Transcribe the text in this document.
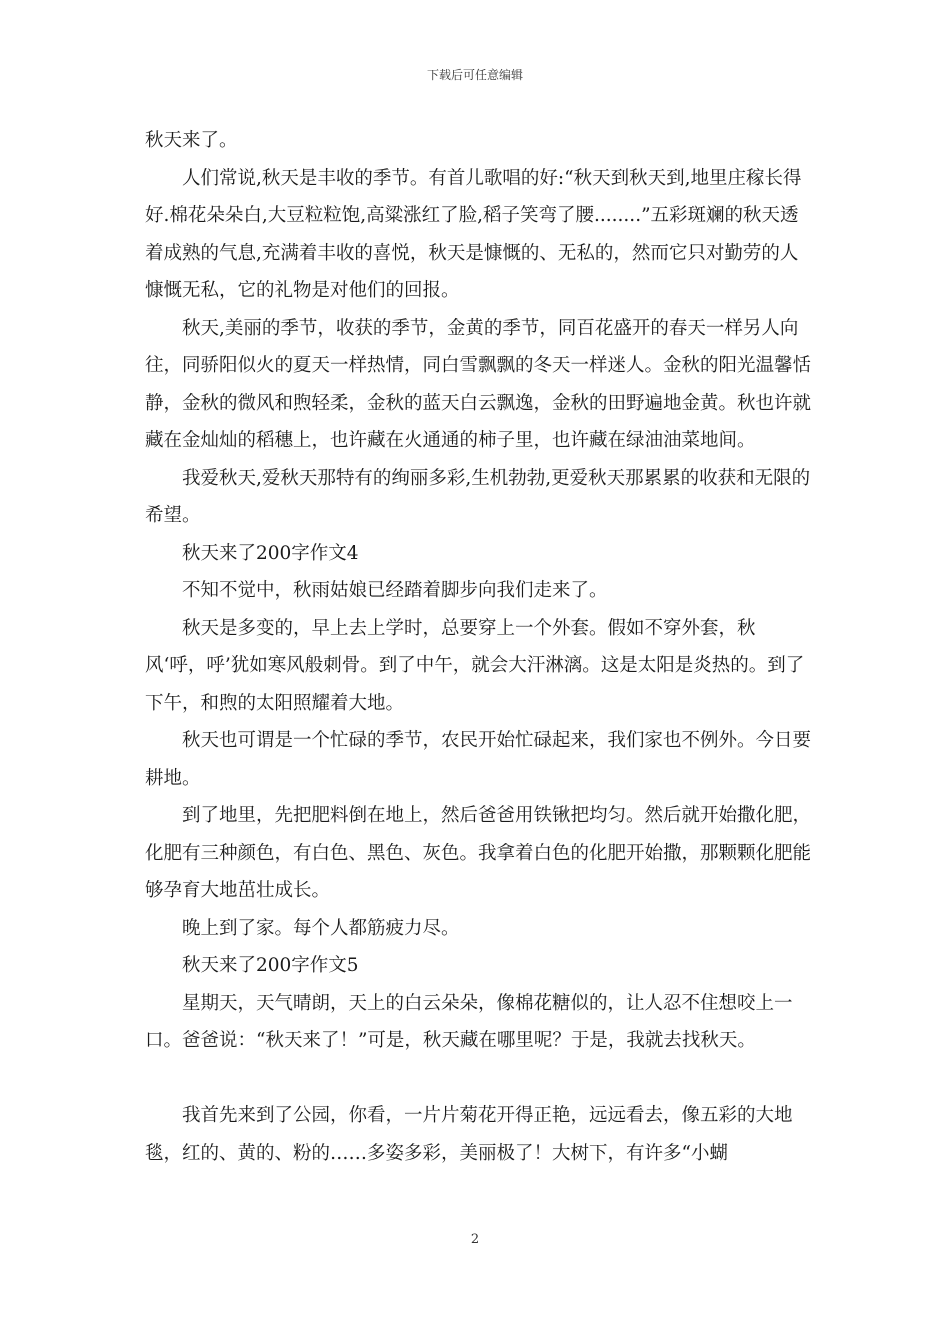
下载后可任意编辑

秋天来了。

人们常说,秋天是丰收的季节。有首儿歌唱的好:“秋天到秋天到,地里庄稼长得好.棉花朵朵白,大豆粒粒饱,高粱涨红了脸,稻子笑弯了腰........”五彩斑斓的秋天透着成熟的气息,充满着丰收的喜悦，秋天是慷慨的、无私的，然而它只对勤劳的人慷慨无私，它的礼物是对他们的回报。

秋天,美丽的季节，收获的季节，金黄的季节，同百花盛开的春天一样另人向往，同骄阳似火的夏天一样热情，同白雪飘飘的冬天一样迷人。金秋的阳光温馨恬静，金秋的微风和煦轻柔，金秋的蓝天白云飘逸，金秋的田野遍地金黄。秋也许就藏在金灿灿的稻穗上，也许藏在火通通的柿子里，也许藏在绿油油菜地间。

我爱秋天,爱秋天那特有的绚丽多彩,生机勃勃,更爱秋天那累累的收获和无限的希望。

秋天来了200字作文4

不知不觉中，秋雨姑娘已经踏着脚步向我们走来了。

秋天是多变的，早上去上学时，总要穿上一个外套。假如不穿外套，秋风‘呼，呼’犹如寒风般刺骨。到了中午，就会大汗淋漓。这是太阳是炎热的。到了下午，和煦的太阳照耀着大地。

秋天也可谓是一个忙碌的季节，农民开始忙碌起来，我们家也不例外。今日要耕地。

到了地里，先把肥料倒在地上，然后爸爸用铁锹把均匀。然后就开始撒化肥，化肥有三种颜色，有白色、黑色、灰色。我拿着白色的化肥开始撒，那颗颗化肥能够孕育大地茁壮成长。

晚上到了家。每个人都筋疲力尽。

秋天来了200字作文5

星期天，天气晴朗，天上的白云朵朵，像棉花糖似的，让人忍不住想咬上一口。爸爸说：“秋天来了！”可是，秋天藏在哪里呢？于是，我就去找秋天。

我首先来到了公园，你看，一片片菊花开得正艳，远远看去，像五彩的大地毯，红的、黄的、粉的……多姿多彩，美丽极了！大树下，有许多“小蝴

2
